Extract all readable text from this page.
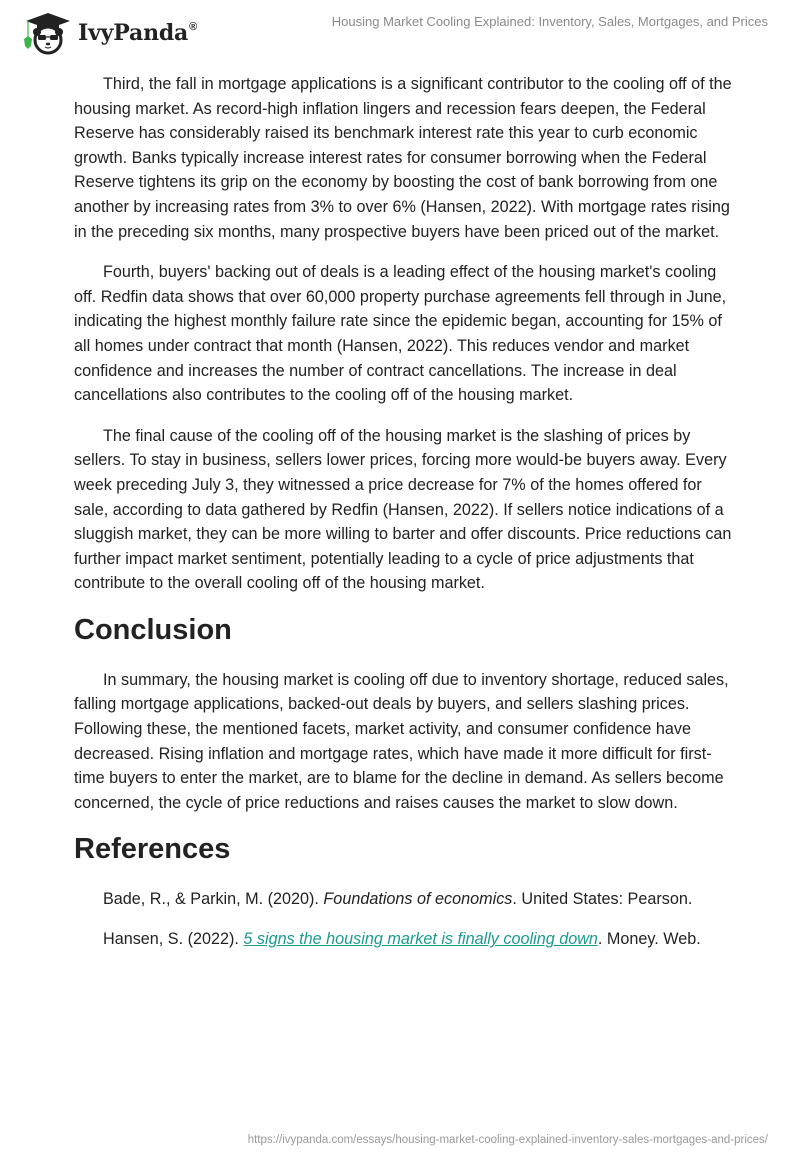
IvyPanda®	Housing Market Cooling Explained: Inventory, Sales, Mortgages, and Prices

Third, the fall in mortgage applications is a significant contributor to the cooling off of the housing market. As record-high inflation lingers and recession fears deepen, the Federal Reserve has considerably raised its benchmark interest rate this year to curb economic growth. Banks typically increase interest rates for consumer borrowing when the Federal Reserve tightens its grip on the economy by boosting the cost of bank borrowing from one another by increasing rates from 3% to over 6% (Hansen, 2022). With mortgage rates rising in the preceding six months, many prospective buyers have been priced out of the market.

Fourth, buyers' backing out of deals is a leading effect of the housing market's cooling off. Redfin data shows that over 60,000 property purchase agreements fell through in June, indicating the highest monthly failure rate since the epidemic began, accounting for 15% of all homes under contract that month (Hansen, 2022). This reduces vendor and market confidence and increases the number of contract cancellations. The increase in deal cancellations also contributes to the cooling off of the housing market.

The final cause of the cooling off of the housing market is the slashing of prices by sellers. To stay in business, sellers lower prices, forcing more would-be buyers away. Every week preceding July 3, they witnessed a price decrease for 7% of the homes offered for sale, according to data gathered by Redfin (Hansen, 2022). If sellers notice indications of a sluggish market, they can be more willing to barter and offer discounts. Price reductions can further impact market sentiment, potentially leading to a cycle of price adjustments that contribute to the overall cooling off of the housing market.

Conclusion

In summary, the housing market is cooling off due to inventory shortage, reduced sales, falling mortgage applications, backed-out deals by buyers, and sellers slashing prices. Following these, the mentioned facets, market activity, and consumer confidence have decreased. Rising inflation and mortgage rates, which have made it more difficult for first-time buyers to enter the market, are to blame for the decline in demand. As sellers become concerned, the cycle of price reductions and raises causes the market to slow down.

References

Bade, R., & Parkin, M. (2020). Foundations of economics. United States: Pearson.

Hansen, S. (2022). 5 signs the housing market is finally cooling down. Money. Web.

https://ivypanda.com/essays/housing-market-cooling-explained-inventory-sales-mortgages-and-prices/
